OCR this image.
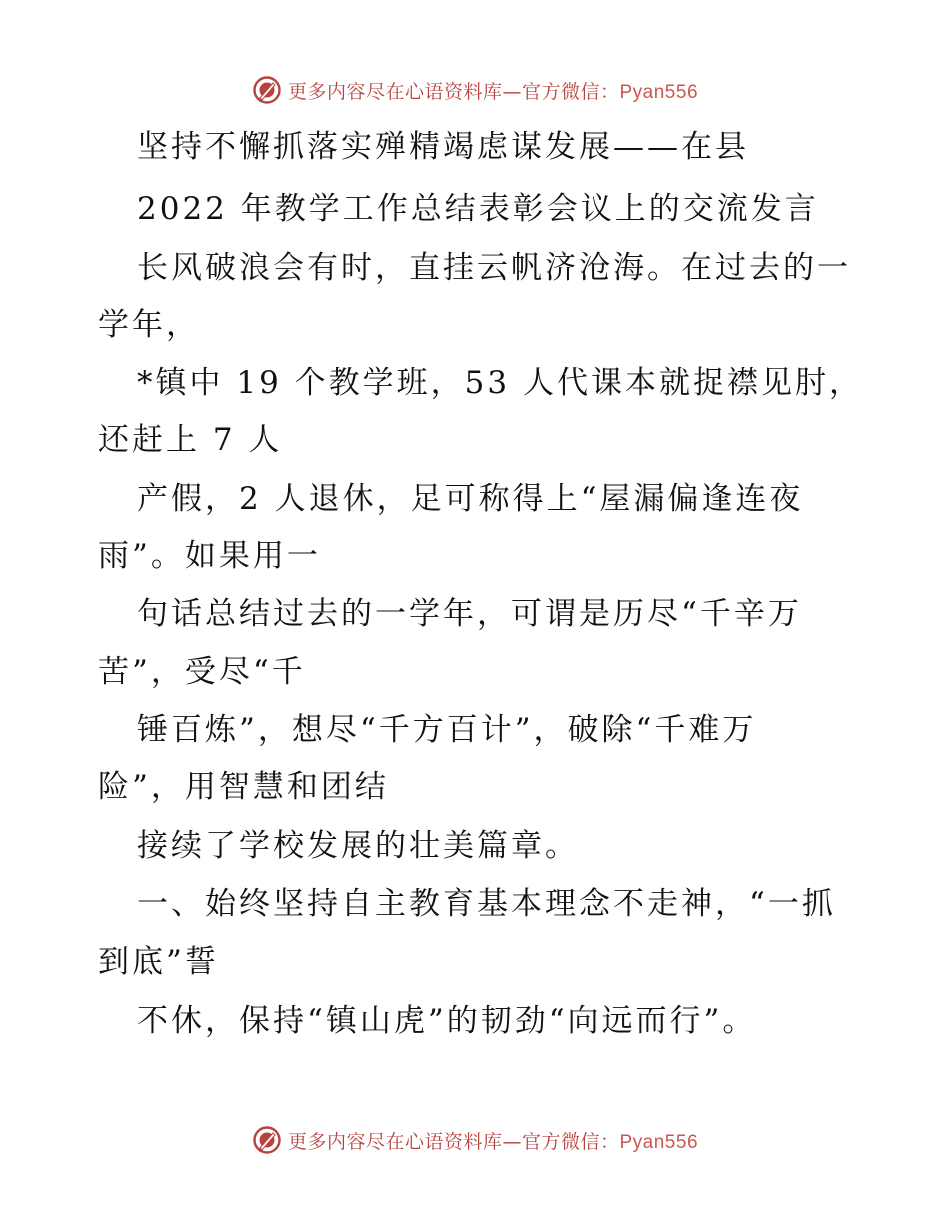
更多内容尽在心语资料库—官方微信：Pyan556
坚持不懈抓落实殚精竭虑谋发展——在县
2022 年教学工作总结表彰会议上的交流发言
长风破浪会有时，直挂云帆济沧海。在过去的一
学年，
*镇中 19 个教学班，53 人代课本就捉襟见肘，
还赶上 7 人
产假，2 人退休，足可称得上“屋漏偏逢连夜
雨”。如果用一
句话总结过去的一学年，可谓是历尽“千辛万
苦”，受尽“千
锤百炼”，想尽“千方百计”，破除“千难万
险”，用智慧和团结
接续了学校发展的壮美篇章。
一、始终坚持自主教育基本理念不走神，“一抓
到底”誓
不休，保持“镇山虎”的韧劲“向远而行”。
更多内容尽在心语资料库—官方微信：Pyan556
